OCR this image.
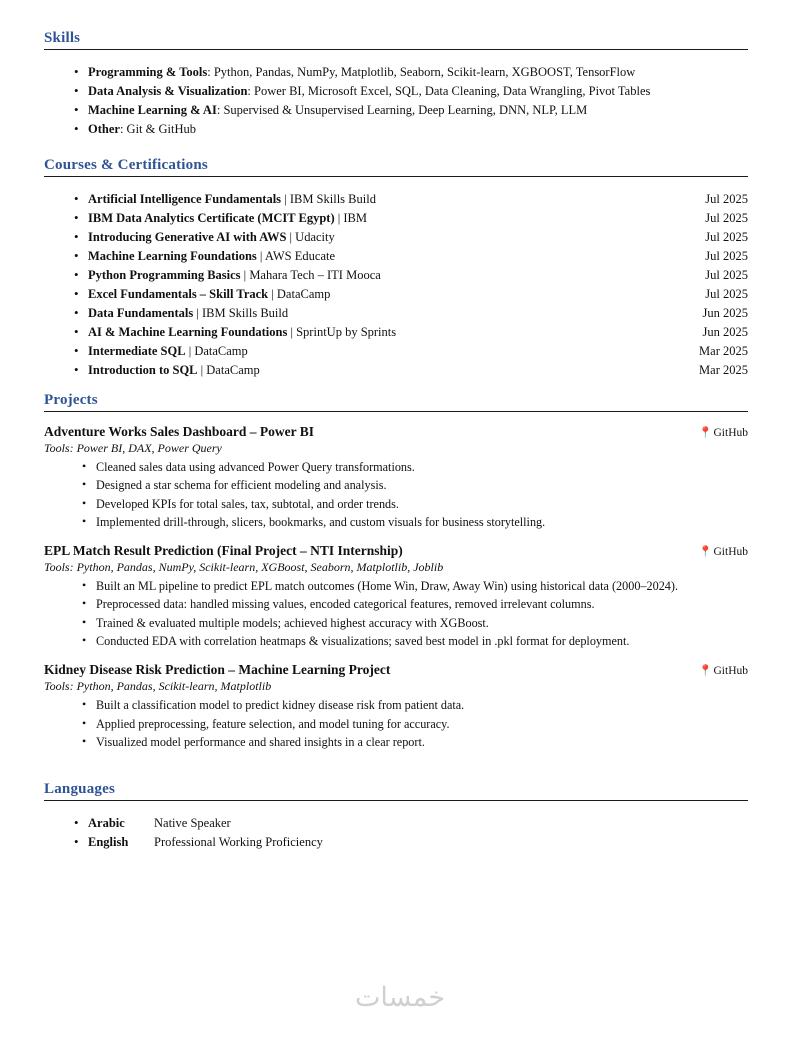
Skills
• Programming & Tools: Python, Pandas, NumPy, Matplotlib, Seaborn, Scikit-learn, XGBOOST, TensorFlow
• Data Analysis & Visualization: Power BI, Microsoft Excel, SQL, Data Cleaning, Data Wrangling, Pivot Tables
• Machine Learning & AI: Supervised & Unsupervised Learning, Deep Learning, DNN, NLP, LLM
• Other: Git & GitHub
Courses & Certifications
• Artificial Intelligence Fundamentals | IBM Skills Build	Jul 2025
• IBM Data Analytics Certificate (MCIT Egypt) | IBM	Jul 2025
• Introducing Generative AI with AWS | Udacity	Jul 2025
• Machine Learning Foundations | AWS Educate	Jul 2025
• Python Programming Basics | Mahara Tech – ITI Mooca	Jul 2025
• Excel Fundamentals – Skill Track | DataCamp	Jul 2025
• Data Fundamentals | IBM Skills Build	Jun 2025
• AI & Machine Learning Foundations | SprintUp by Sprints	Jun 2025
• Intermediate SQL | DataCamp	Mar 2025
• Introduction to SQL | DataCamp	Mar 2025
Projects
Adventure Works Sales Dashboard – Power BI	📍GitHub
Tools: Power BI, DAX, Power Query
• Cleaned sales data using advanced Power Query transformations.
• Designed a star schema for efficient modeling and analysis.
• Developed KPIs for total sales, tax, subtotal, and order trends.
• Implemented drill-through, slicers, bookmarks, and custom visuals for business storytelling.
EPL Match Result Prediction (Final Project – NTI Internship)	📍GitHub
Tools: Python, Pandas, NumPy, Scikit-learn, XGBoost, Seaborn, Matplotlib, Joblib
• Built an ML pipeline to predict EPL match outcomes (Home Win, Draw, Away Win) using historical data (2000–2024).
• Preprocessed data: handled missing values, encoded categorical features, removed irrelevant columns.
• Trained & evaluated multiple models; achieved highest accuracy with XGBoost.
• Conducted EDA with correlation heatmaps & visualizations; saved best model in .pkl format for deployment.
Kidney Disease Risk Prediction – Machine Learning Project	📍GitHub
Tools: Python, Pandas, Scikit-learn, Matplotlib
• Built a classification model to predict kidney disease risk from patient data.
• Applied preprocessing, feature selection, and model tuning for accuracy.
• Visualized model performance and shared insights in a clear report.
Languages
• Arabic	Native Speaker
• English	Professional Working Proficiency
خمسات
